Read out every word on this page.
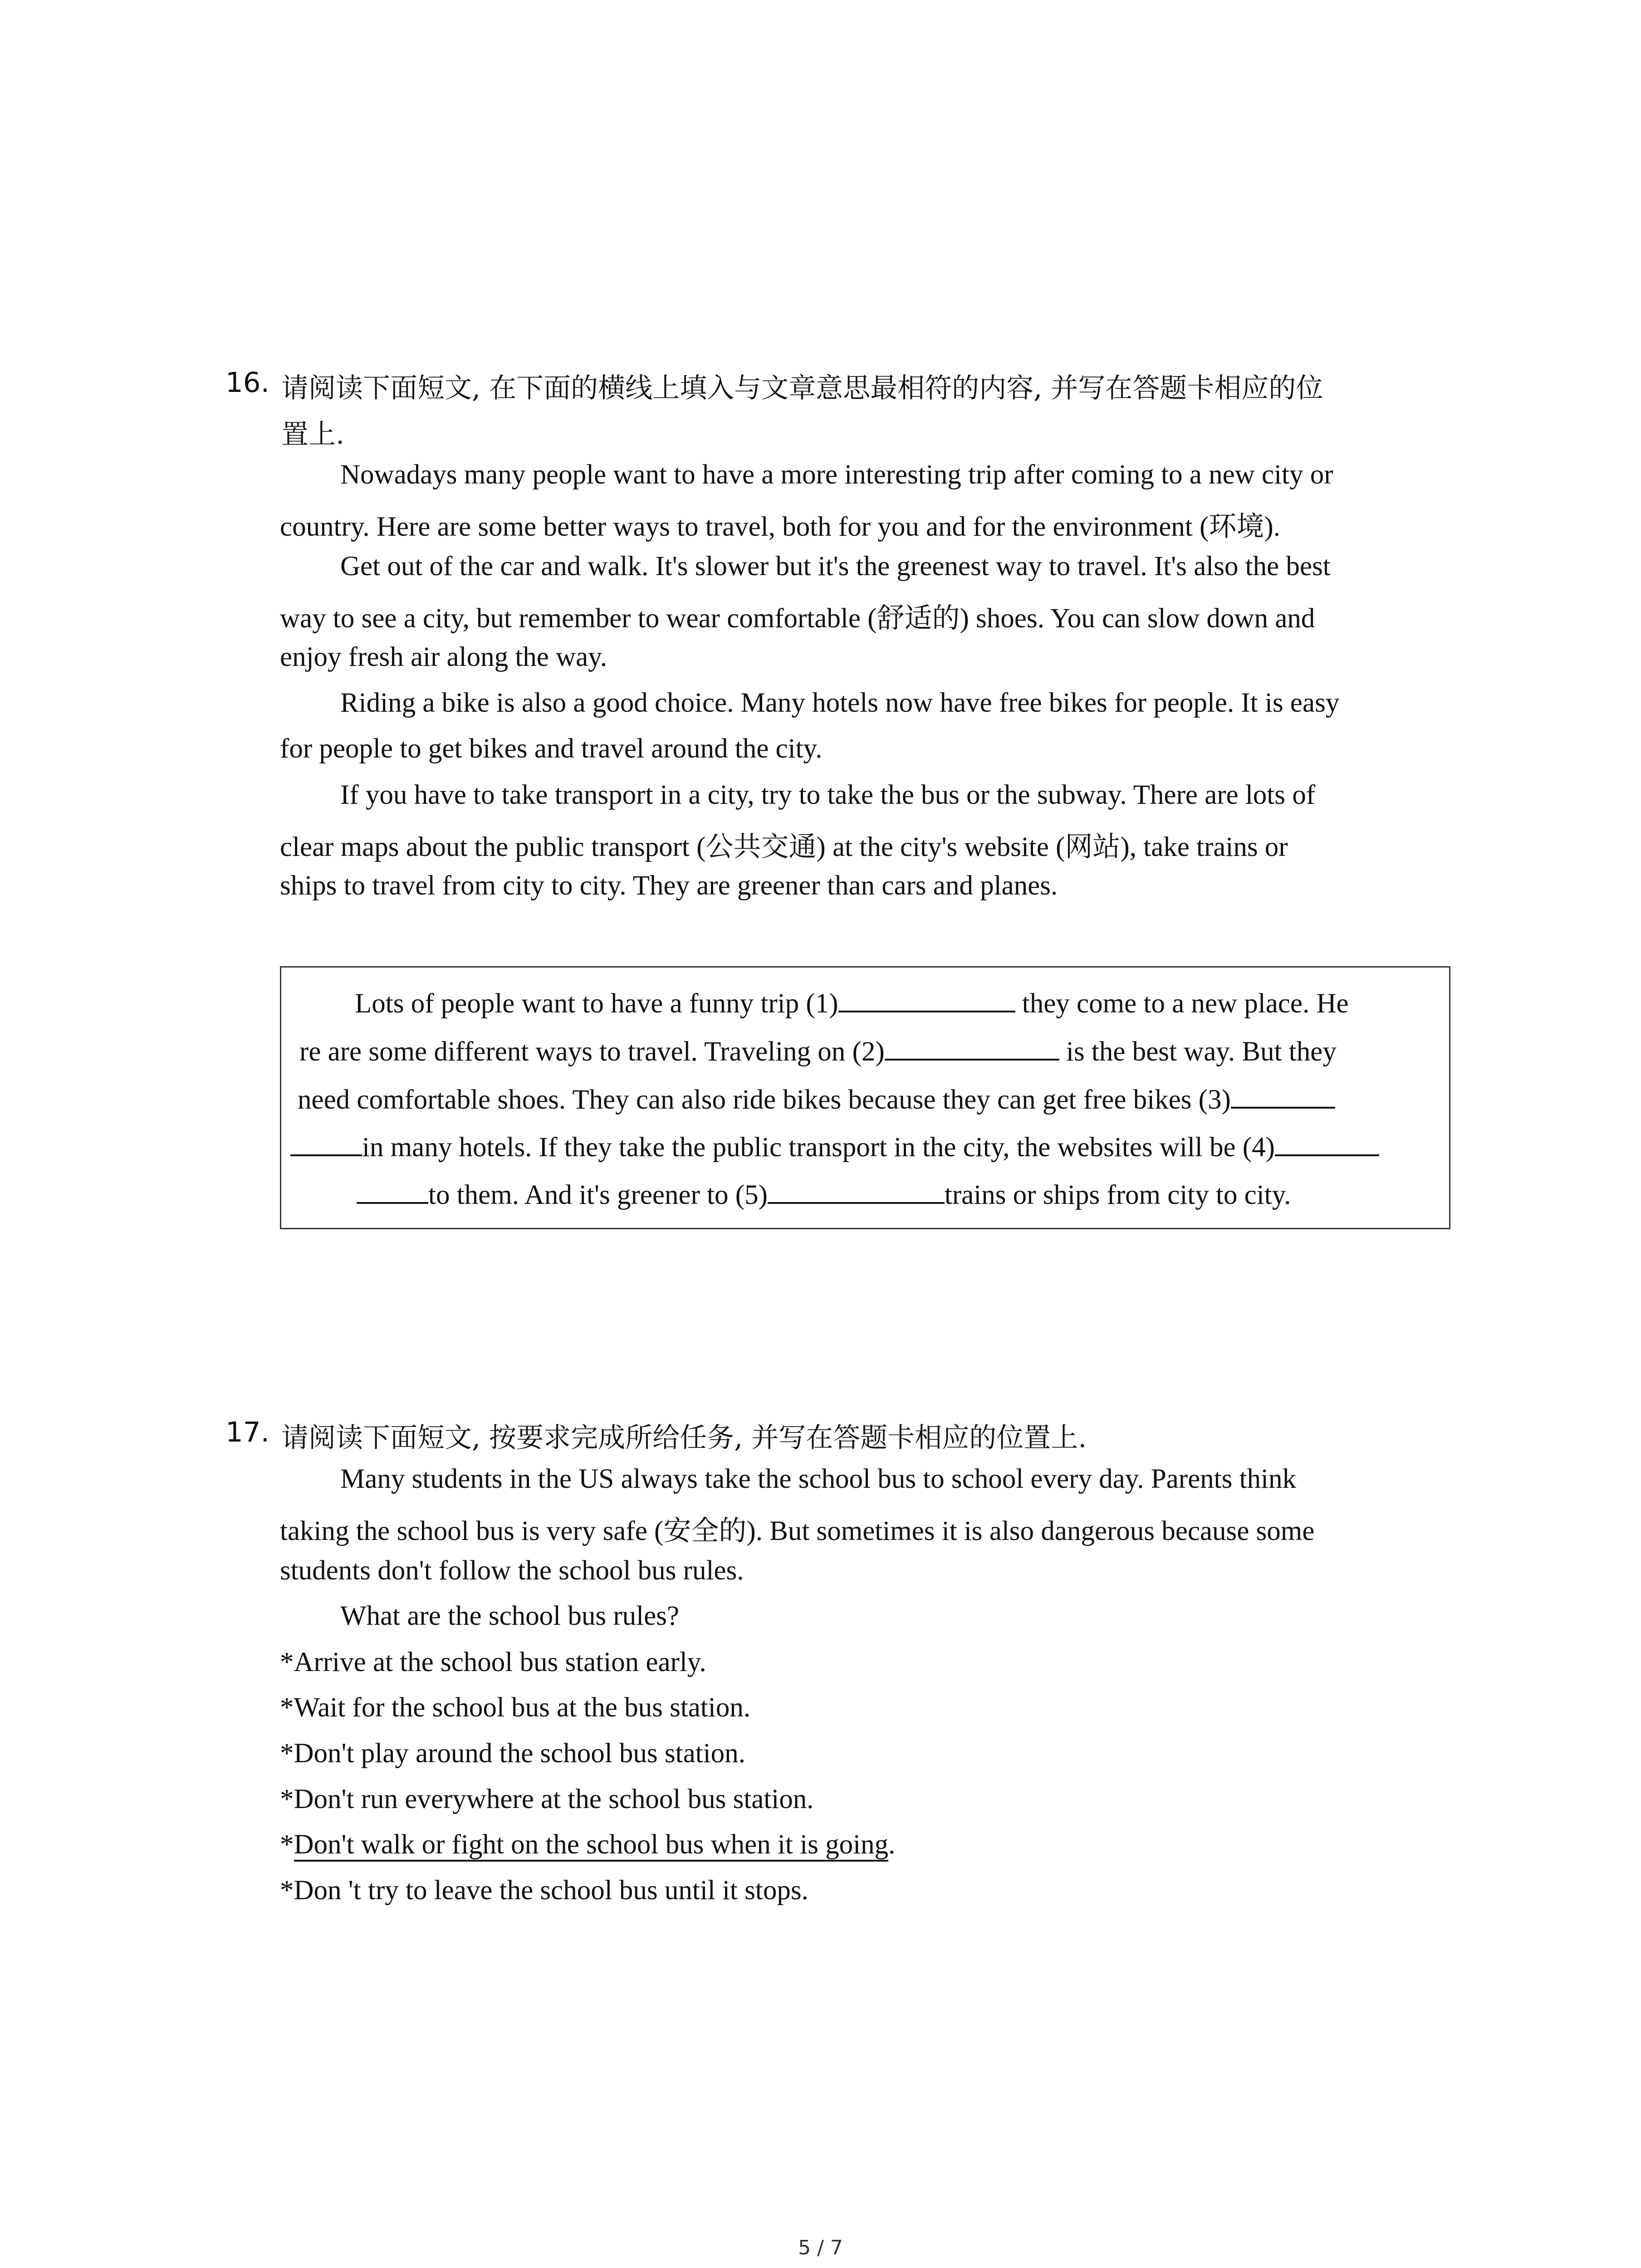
16. 请阅读下面短文, 在下面的横线上填入与文章意思最相符的内容, 并写在答题卡相应的位
置上.
Nowadays many people want to have a more interesting trip after coming to a new city or
country. Here are some better ways to travel, both for you and for the environment (环境).
Get out of the car and walk. It's slower but it's the greenest way to travel. It's also the best
way to see a city, but remember to wear comfortable (舒适的) shoes. You can slow down and
enjoy fresh air along the way.
Riding a bike is also a good choice. Many hotels now have free bikes for people. It is easy
for people to get bikes and travel around the city.
If you have to take transport in a city, try to take the bus or the subway. There are lots of
clear maps about the public transport (公共交通) at the city's website (网站), take trains or
ships to travel from city to city. They are greener than cars and planes.
Lots of people want to have a funny trip (1)	they come to a new place. He
re are some different ways to travel. Traveling on (2)	is the best way. But they
need comfortable shoes. They can also ride bikes because they can get free bikes (3)
in many hotels. If they take the public transport in the city, the websites will be (4)
to them. And it's greener to (5)	trains or ships from city to city.
17. 请阅读下面短文, 按要求完成所给任务, 并写在答题卡相应的位置上.
Many students in the US always take the school bus to school every day. Parents think
taking the school bus is very safe (安全的). But sometimes it is also dangerous because some
students don't follow the school bus rules.
What are the school bus rules?
*Arrive at the school bus station early.
*Wait for the school bus at the bus station.
*Don't play around the school bus station.
*Don't run everywhere at the school bus station.
*Don't walk or fight on the school bus when it is going.
*Don 't try to leave the school bus until it stops.
5 / 7
